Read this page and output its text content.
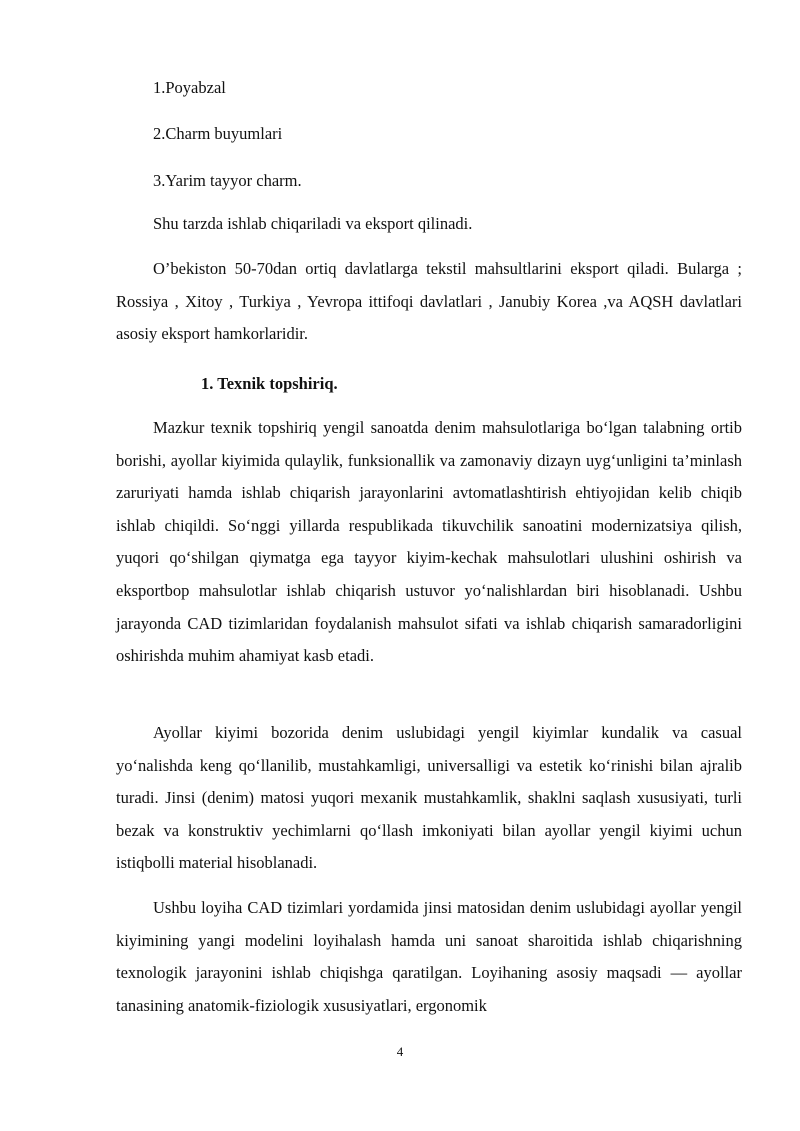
1.Poyabzal
2.Charm buyumlari
3.Yarim tayyor charm.
Shu tarzda ishlab chiqariladi va eksport qilinadi.

O’bekiston 50-70dan ortiq davlatlarga tekstil mahsultlarini eksport qiladi. Bularga ; Rossiya , Xitoy , Turkiya , Yevropa ittifoqi davlatlari , Janubiy Korea ,va AQSH davlatlari asosiy eksport hamkorlaridir.

1. Texnik topshiriq.

Mazkur texnik topshiriq yengil sanoatda denim mahsulotlariga bo‘lgan talabning ortib borishi, ayollar kiyimida qulaylik, funksionallik va zamonaviy dizayn uyg‘unligini ta’minlash zaruriyati hamda ishlab chiqarish jarayonlarini avtomatlashtirish ehtiyojidan kelib chiqib ishlab chiqildi. So‘nggi yillarda respublikada tikuvchilik sanoatini modernizatsiya qilish, yuqori qo‘shilgan qiymatga ega tayyor kiyim-kechak mahsulotlari ulushini oshirish va eksportbop mahsulotlar ishlab chiqarish ustuvor yo‘nalishlardan biri hisoblanadi. Ushbu jarayonda CAD tizimlaridan foydalanish mahsulot sifati va ishlab chiqarish samaradorligini oshirishda muhim ahamiyat kasb etadi.

Ayollar kiyimi bozorida denim uslubidagi yengil kiyimlar kundalik va casual yo‘nalishda keng qo‘llanilib, mustahkamligi, universalligi va estetik ko‘rinishi bilan ajralib turadi. Jinsi (denim) matosi yuqori mexanik mustahkamlik, shaklni saqlash xususiyati, turli bezak va konstruktiv yechimlarni qo‘llash imkoniyati bilan ayollar yengil kiyimi uchun istiqbolli material hisoblanadi.

Ushbu loyiha CAD tizimlari yordamida jinsi matosidan denim uslubidagi ayollar yengil kiyimining yangi modelini loyihalash hamda uni sanoat sharoitida ishlab chiqarishning texnologik jarayonini ishlab chiqishga qaratilgan. Loyihaning asosiy maqsadi — ayollar tanasining anatomik-fiziologik xususiyatlari, ergonomik

4
